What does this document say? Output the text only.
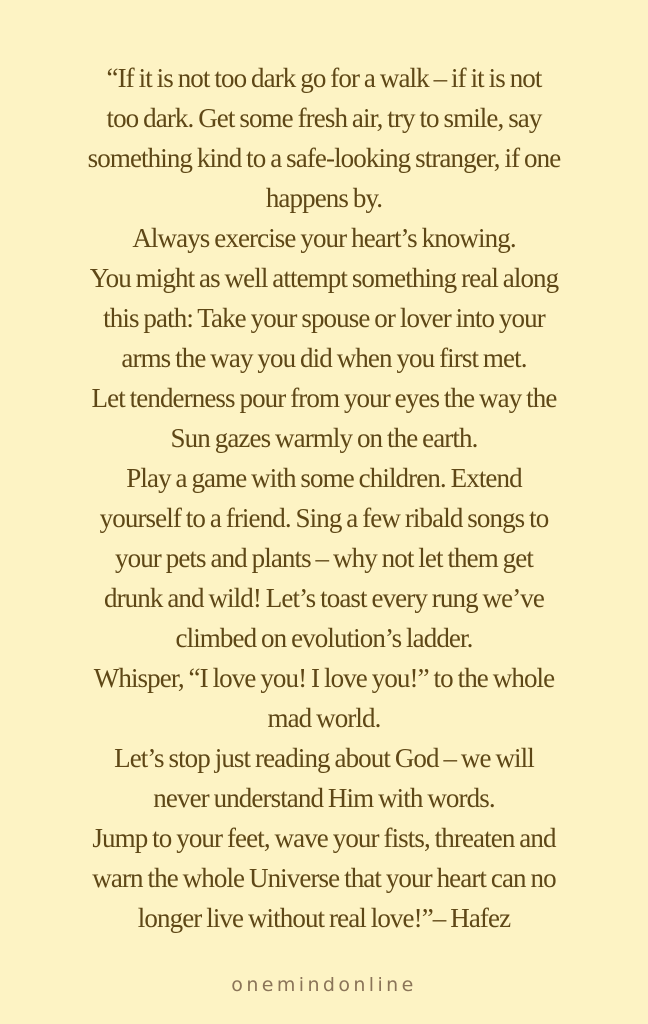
“If it is not too dark go for a walk – if it is not
too dark. Get some fresh air, try to smile, say
something kind to a safe-looking stranger, if one
happens by.
Always exercise your heart’s knowing.
You might as well attempt something real along
this path: Take your spouse or lover into your
arms the way you did when you first met.
Let tenderness pour from your eyes the way the
Sun gazes warmly on the earth.
Play a game with some children. Extend
yourself to a friend. Sing a few ribald songs to
your pets and plants – why not let them get
drunk and wild! Let’s toast every rung we’ve
climbed on evolution’s ladder.
Whisper, “I love you! I love you!” to the whole
mad world.
Let’s stop just reading about God – we will
never understand Him with words.
Jump to your feet, wave your fists, threaten and
warn the whole Universe that your heart can no
longer live without real love!”– Hafez

onemindonline
